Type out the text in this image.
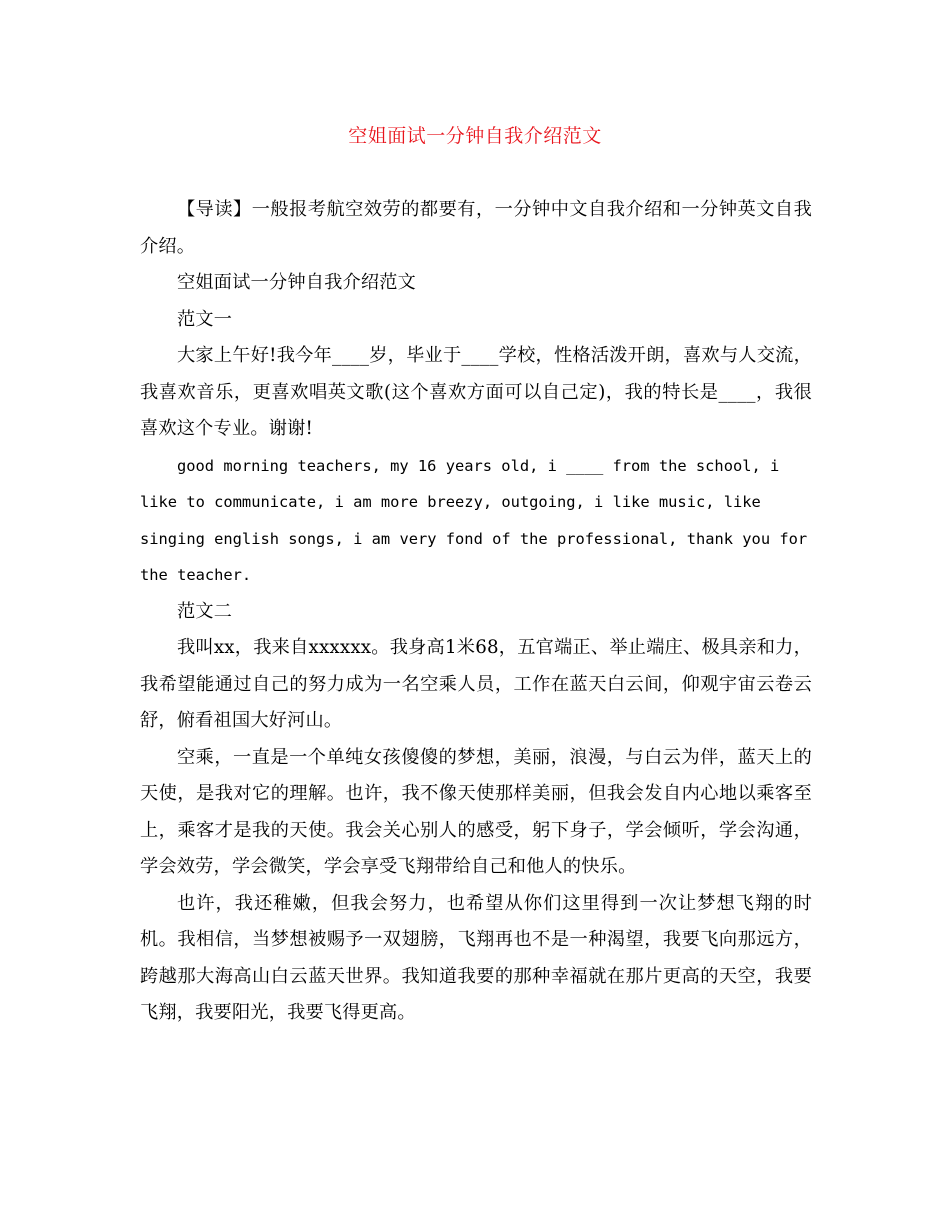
空姐面试一分钟自我介绍范文

【导读】一般报考航空效劳的都要有，一分钟中文自我介绍和一分钟英文自我介绍。

空姐面试一分钟自我介绍范文

范文一

大家上午好!我今年____岁，毕业于____学校，性格活泼开朗，喜欢与人交流，我喜欢音乐，更喜欢唱英文歌(这个喜欢方面可以自己定)，我的特长是____，我很喜欢这个专业。谢谢!

good morning teachers, my 16 years old, i ____ from the school, i like to communicate, i am more breezy, outgoing, i like music, like singing english songs, i am very fond of the professional, thank you for the teacher.

范文二

我叫xx，我来自xxxxxx。我身高1米68，五官端正、举止端庄、极具亲和力，我希望能通过自己的努力成为一名空乘人员，工作在蓝天白云间，仰观宇宙云卷云舒，俯看祖国大好河山。

空乘，一直是一个单纯女孩傻傻的梦想，美丽，浪漫，与白云为伴，蓝天上的天使，是我对它的理解。也许，我不像天使那样美丽，但我会发自内心地以乘客至上，乘客才是我的天使。我会关心别人的感受，躬下身子，学会倾听，学会沟通，学会效劳，学会微笑，学会享受飞翔带给自己和他人的快乐。

也许，我还稚嫩，但我会努力，也希望从你们这里得到一次让梦想飞翔的时机。我相信，当梦想被赐予一双翅膀，飞翔再也不是一种渴望，我要飞向那远方，跨越那大海高山白云蓝天世界。我知道我要的那种幸福就在那片更高的天空，我要飞翔，我要阳光，我要飞得更高。
